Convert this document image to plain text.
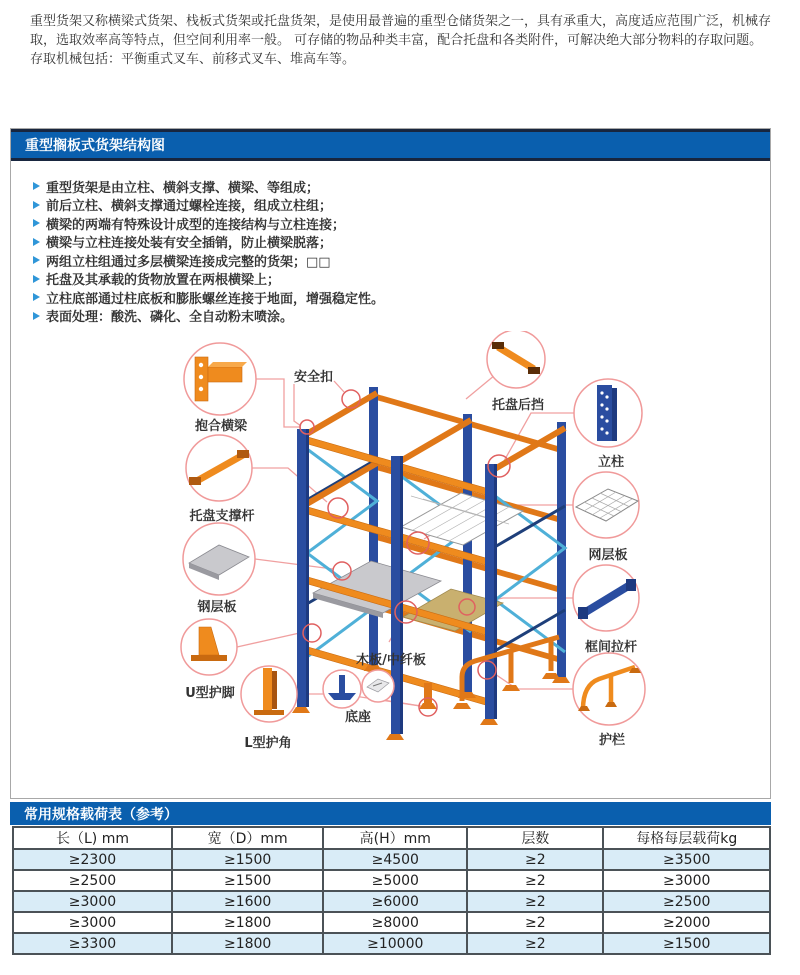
重型货架又称横梁式货架、栈板式货架或托盘货架，是使用最普遍的重型仓储货架之一，具有承重大，高度适应范围广泛，机械存取，选取效率高等特点，但空间利用率一般。 可存储的物品种类丰富，配合托盘和各类附件，可解决绝大部分物料的存取问题。

存取机械包括：平衡重式叉车、前移式叉车、堆高车等。

重型搁板式货架结构图
重型货架是由立柱、横斜支撑、横梁、等组成；
前后立柱、横斜支撑通过螺栓连接，组成立柱组；
横梁的两端有特殊设计成型的连接结构与立柱连接；
横梁与立柱连接处装有安全插销，防止横梁脱落；
两组立柱组通过多层横梁连接成完整的货架；□□
托盘及其承载的货物放置在两根横梁上；
立柱底部通过柱底板和膨胀螺丝连接于地面，增强稳定性。
表面处理：酸洗、磷化、全自动粉末喷涂。
安全扣
抱合横梁
托盘支撑杆
钢层板
U型护脚
L型护角
底座
木板/中纤板
托盘后挡
立柱
网层板
框间拉杆
护栏
常用规格载荷表（参考）
长（L) mm	宽（D）mm	高(H）mm	层数	每格每层载荷kg
≥2300	≥1500	≥4500	≥2	≥3500
≥2500	≥1500	≥5000	≥2	≥3000
≥3000	≥1600	≥6000	≥2	≥2500
≥3000	≥1800	≥8000	≥2	≥2000
≥3300	≥1800	≥10000	≥2	≥1500
